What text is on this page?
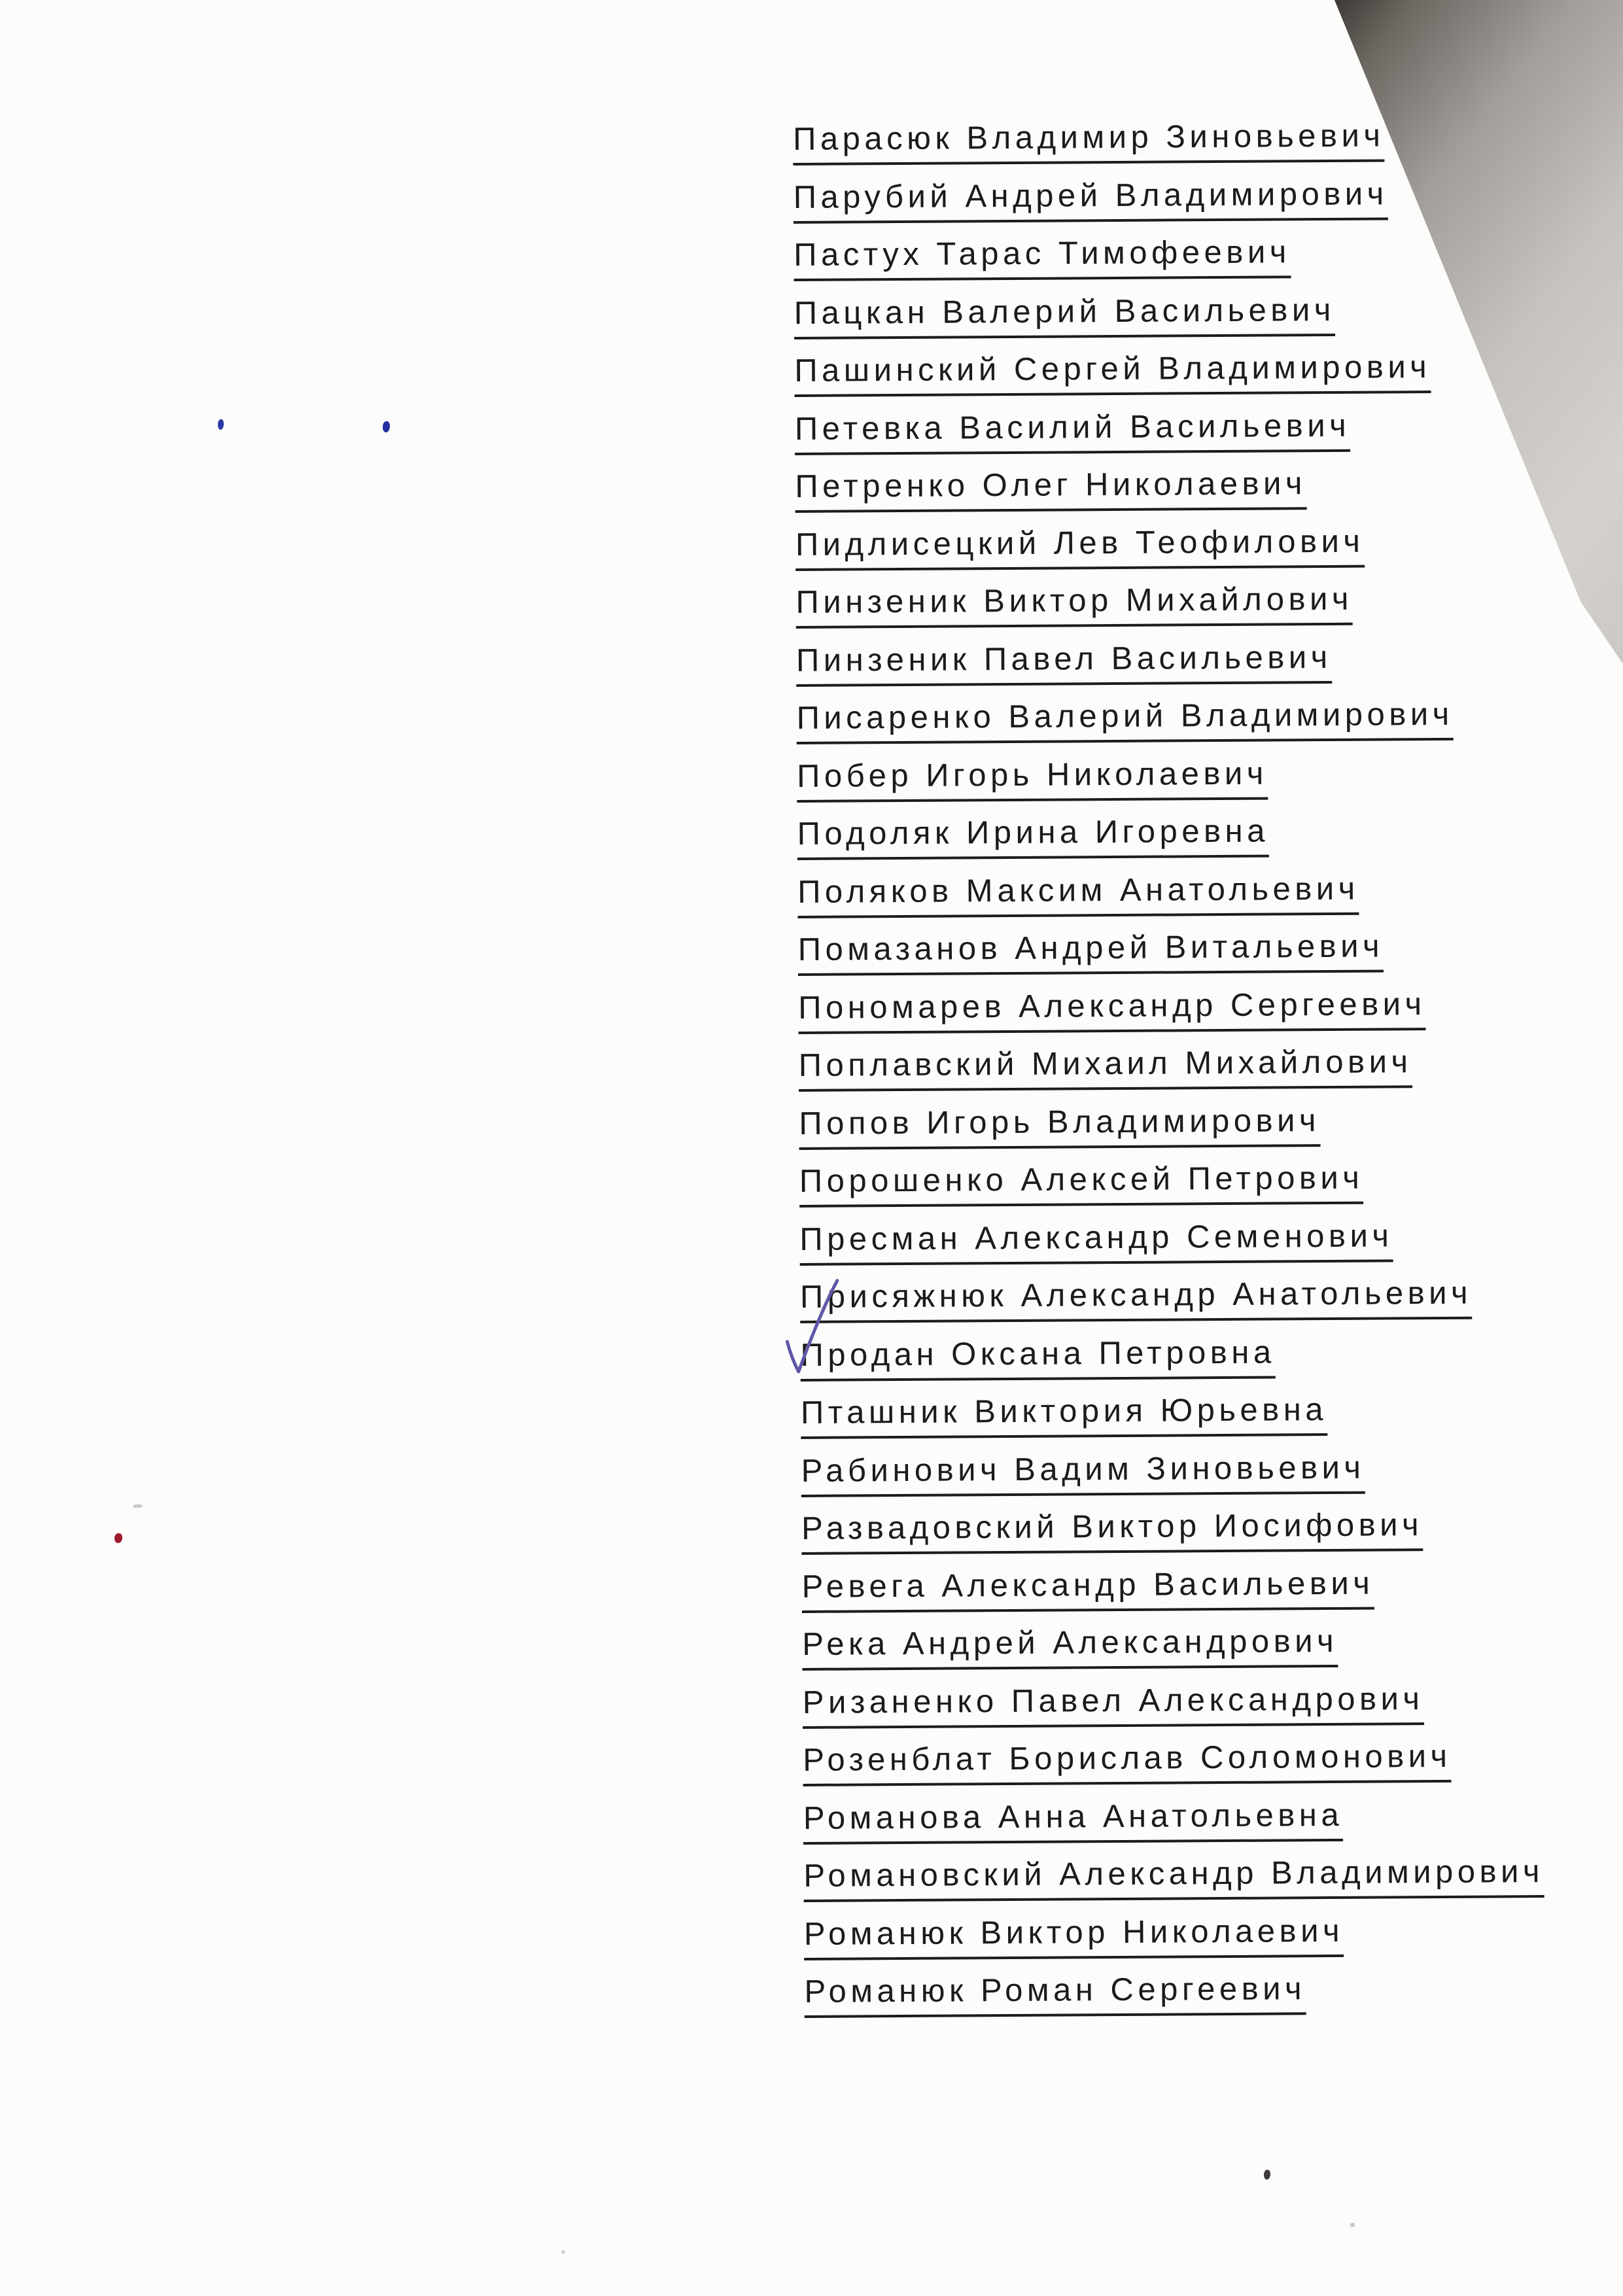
Парасюк Владимир Зиновьевич
Парубий Андрей Владимирович
Пастух Тарас Тимофеевич
Пацкан Валерий Васильевич
Пашинский Сергей Владимирович
Петевка Василий Васильевич
Петренко Олег Николаевич
Пидлисецкий Лев Теофилович
Пинзеник Виктор Михайлович
Пинзеник Павел Васильевич
Писаренко Валерий Владимирович
Побер Игорь Николаевич
Подоляк Ирина Игоревна
Поляков Максим Анатольевич
Помазанов Андрей Витальевич
Пономарев Александр Сергеевич
Поплавский Михаил Михайлович
Попов Игорь Владимирович
Порошенко Алексей Петрович
Пресман Александр Семенович
Присяжнюк Александр Анатольевич
Продан Оксана Петровна
Пташник Виктория Юрьевна
Рабинович Вадим Зиновьевич
Развадовский Виктор Иосифович
Ревега Александр Васильевич
Река Андрей Александрович
Ризаненко Павел Александрович
Розенблат Борислав Соломонович
Романова Анна Анатольевна
Романовский Александр Владимирович
Романюк Виктор Николаевич
Романюк Роман Сергеевич
